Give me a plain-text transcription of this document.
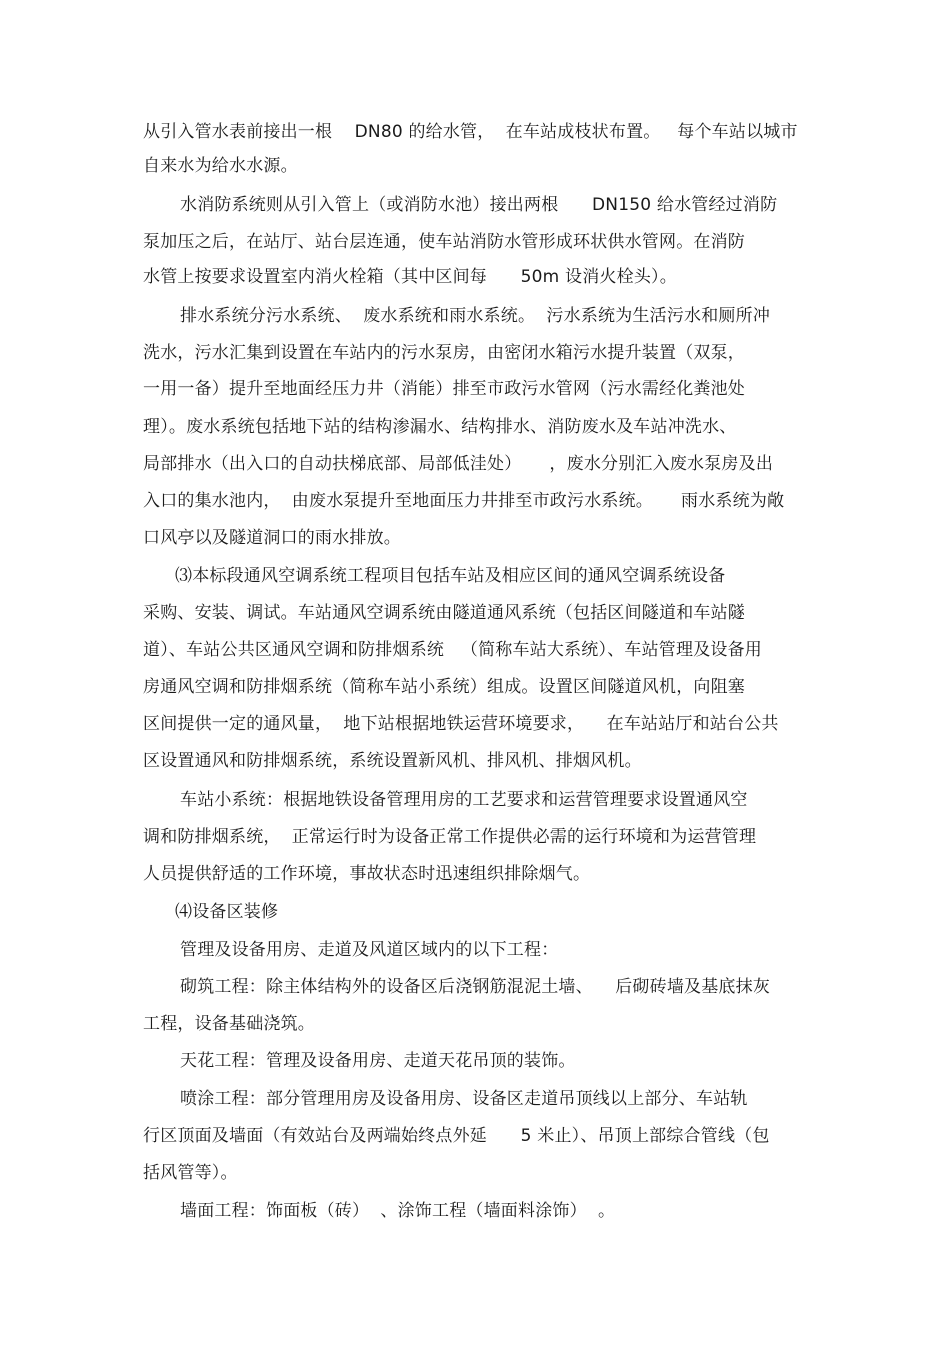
从引入管水表前接出一根    DN80 的给水管，  在车站成枝状布置。   每个车站以城市
自来水为给水水源。
水消防系统则从引入管上（或消防水池）接出两根      DN150 给水管经过消防
泵加压之后，在站厅、站台层连通，使车站消防水管形成环状供水管网。在消防
水管上按要求设置室内消火栓箱（其中区间每      50m 设消火栓头）。
排水系统分污水系统、  废水系统和雨水系统。  污水系统为生活污水和厕所冲
洗水，污水汇集到设置在车站内的污水泵房，由密闭水箱污水提升装置（双泵，
一用一备）提升至地面经压力井（消能）排至市政污水管网（污水需经化粪池处
理）。废水系统包括地下站的结构渗漏水、结构排水、消防废水及车站冲洗水、
局部排水（出入口的自动扶梯底部、局部低洼处）     ，废水分别汇入废水泵房及出
入口的集水池内，  由废水泵提升至地面压力井排至市政污水系统。     雨水系统为敞
口风亭以及隧道洞口的雨水排放。
⑶本标段通风空调系统工程项目包括车站及相应区间的通风空调系统设备
采购、安装、调试。车站通风空调系统由隧道通风系统（包括区间隧道和车站隧
道）、车站公共区通风空调和防排烟系统   （简称车站大系统）、车站管理及设备用
房通风空调和防排烟系统（简称车站小系统）组成。设置区间隧道风机，向阻塞
区间提供一定的通风量，  地下站根据地铁运营环境要求，    在车站站厅和站台公共
区设置通风和防排烟系统，系统设置新风机、排风机、排烟风机。
车站小系统：根据地铁设备管理用房的工艺要求和运营管理要求设置通风空
调和防排烟系统，  正常运行时为设备正常工作提供必需的运行环境和为运营管理
人员提供舒适的工作环境，事故状态时迅速组织排除烟气。
⑷设备区装修
管理及设备用房、走道及风道区域内的以下工程：
砌筑工程：除主体结构外的设备区后浇钢筋混泥土墙、    后砌砖墙及基底抹灰
工程，设备基础浇筑。
天花工程：管理及设备用房、走道天花吊顶的装饰。
喷涂工程：部分管理用房及设备用房、设备区走道吊顶线以上部分、车站轨
行区顶面及墙面（有效站台及两端始终点外延      5 米止）、吊顶上部综合管线（包
括风管等）。
墙面工程：饰面板（砖）  、涂饰工程（墙面料涂饰）  。
